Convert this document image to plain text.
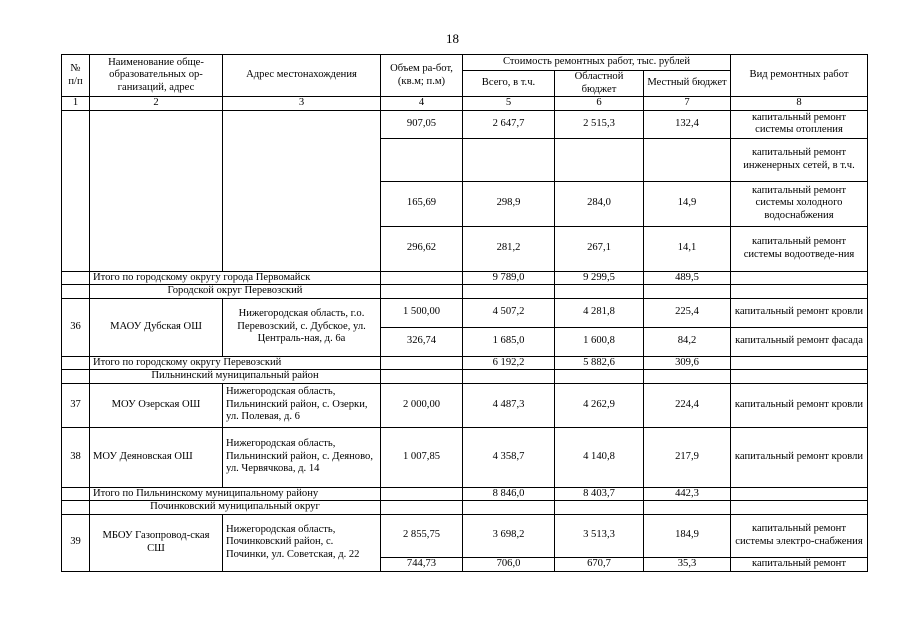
18
№ п/п	Наименование обще-образовательных ор-ганизаций, адрес	Адрес местонахождения	Объем ра-бот, (кв.м; п.м)	Стоимость ремонтных работ, тыс. рублей			Вид ремонтных работ
				Всего, в т.ч.	Областной бюджет	Местный бюджет	
1	2	3	4	5	6	7	8
			907,05	2 647,7	2 515,3	132,4	капитальный ремонт системы отопления
							капитальный ремонт инженерных сетей, в т.ч.
			165,69	298,9	284,0	14,9	капитальный ремонт системы холодного водоснабжения
			296,62	281,2	267,1	14,1	капитальный ремонт системы водоотведе-ния
	Итого по городскому округу города Первомайск			9 789,0	9 299,5	489,5	
	Городской округ Перевозский						
36	МАОУ Дубская ОШ	Нижегородская область, г.о. Перевозский, с. Дубское, ул. Централь-ная, д. 6а	1 500,00	4 507,2	4 281,8	225,4	капитальный ремонт кровли
			326,74	1 685,0	1 600,8	84,2	капитальный ремонт фасада
	Итого по городскому округу Перевозский			6 192,2	5 882,6	309,6	
	Пильнинский муниципальный район						
37	МОУ Озерская ОШ	Нижегородская область, Пильнинский район, с. Озерки, ул. Полевая, д. 6	2 000,00	4 487,3	4 262,9	224,4	капитальный ремонт кровли
38	МОУ Деяновская ОШ	Нижегородская область, Пильнинский район, с. Деяново, ул. Червячкова, д. 14	1 007,85	4 358,7	4 140,8	217,9	капитальный ремонт кровли
	Итого по Пильнинскому муниципальному району			8 846,0	8 403,7	442,3	
	Починковский муниципальный округ						
39	МБОУ Газопровод-ская СШ	Нижегородская область, Починковский район, с. Починки, ул. Советская, д. 22	2 855,75	3 698,2	3 513,3	184,9	капитальный ремонт системы электро-снабжения
			744,73	706,0	670,7	35,3	капитальный ремонт
